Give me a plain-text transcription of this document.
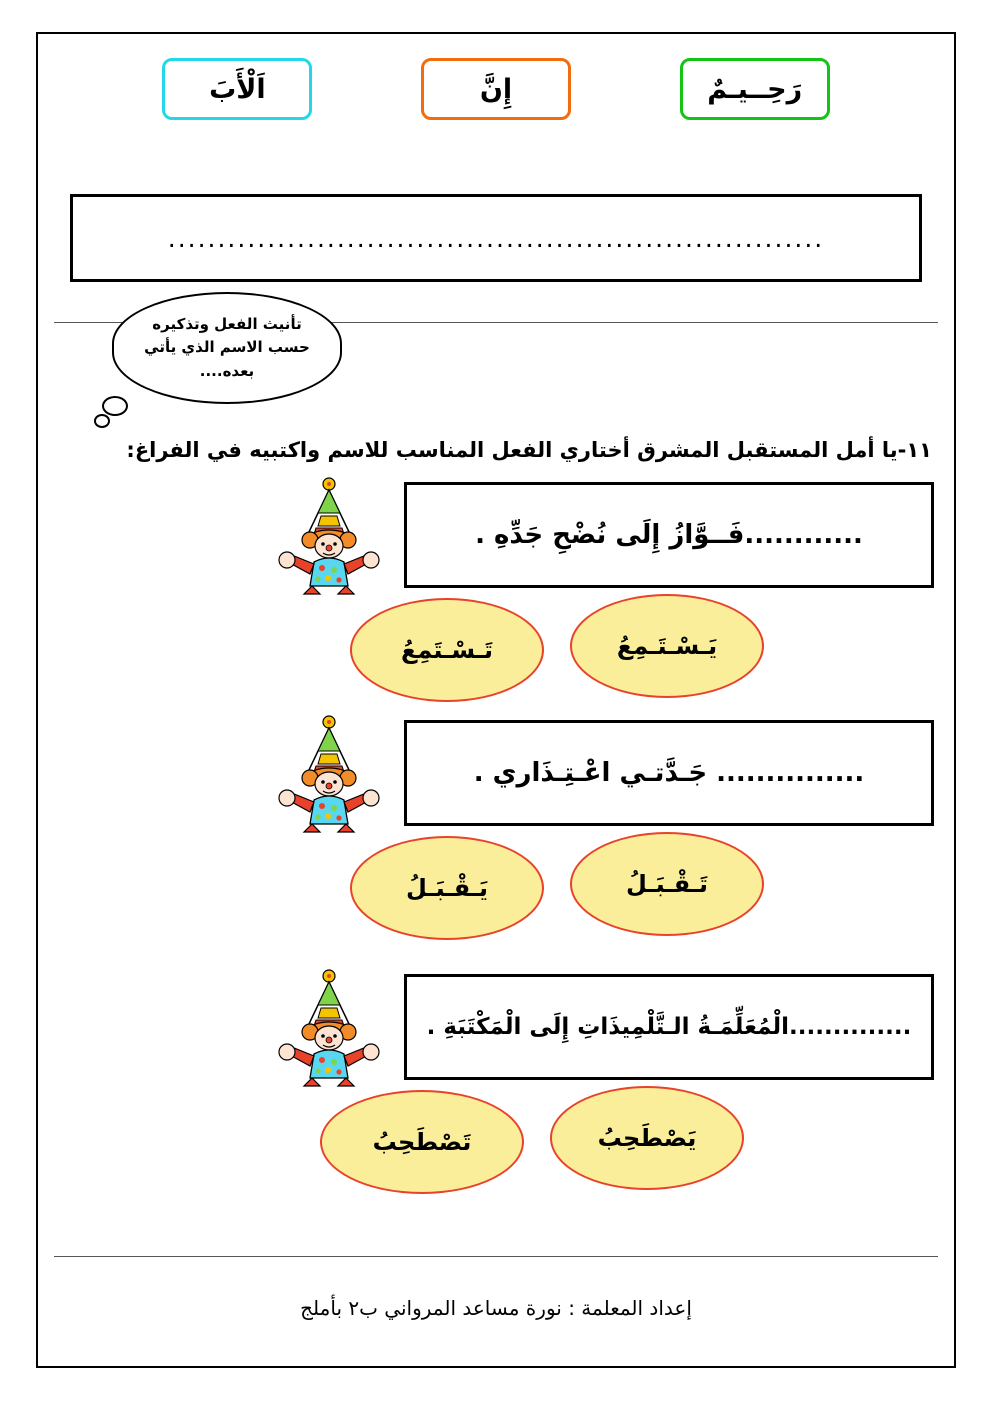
رَحِــيـمٌ
إِنَّ
اَلْأَبَ
..................................................................
تأنيث الفعل وتذكيره حسب الاسم الذي يأتي بعده....
١١-يا أمل المستقبل المشرق أختاري الفعل المناسب للاسم واكتبيه في الفراغ:
............فَــوَّازُ إِلَى نُضْحِ جَدِّهِ .
يَـسْـتَـمِعُ
تَـسْـتَمِعُ
............... جَـدَّتـي اعْـتِـذَاري .
تَـقْـبَـلُ
يَـقْـبَـلُ
..............الْمُعَلِّمَـةُ الـتَّلْمِيذَاتِ إِلَى الْمَكْتَبَةِ .
يَصْطَحِبُ
تَصْطَحِبُ
إعداد المعلمة : نورة مساعد المرواني ب٢ بأملج
